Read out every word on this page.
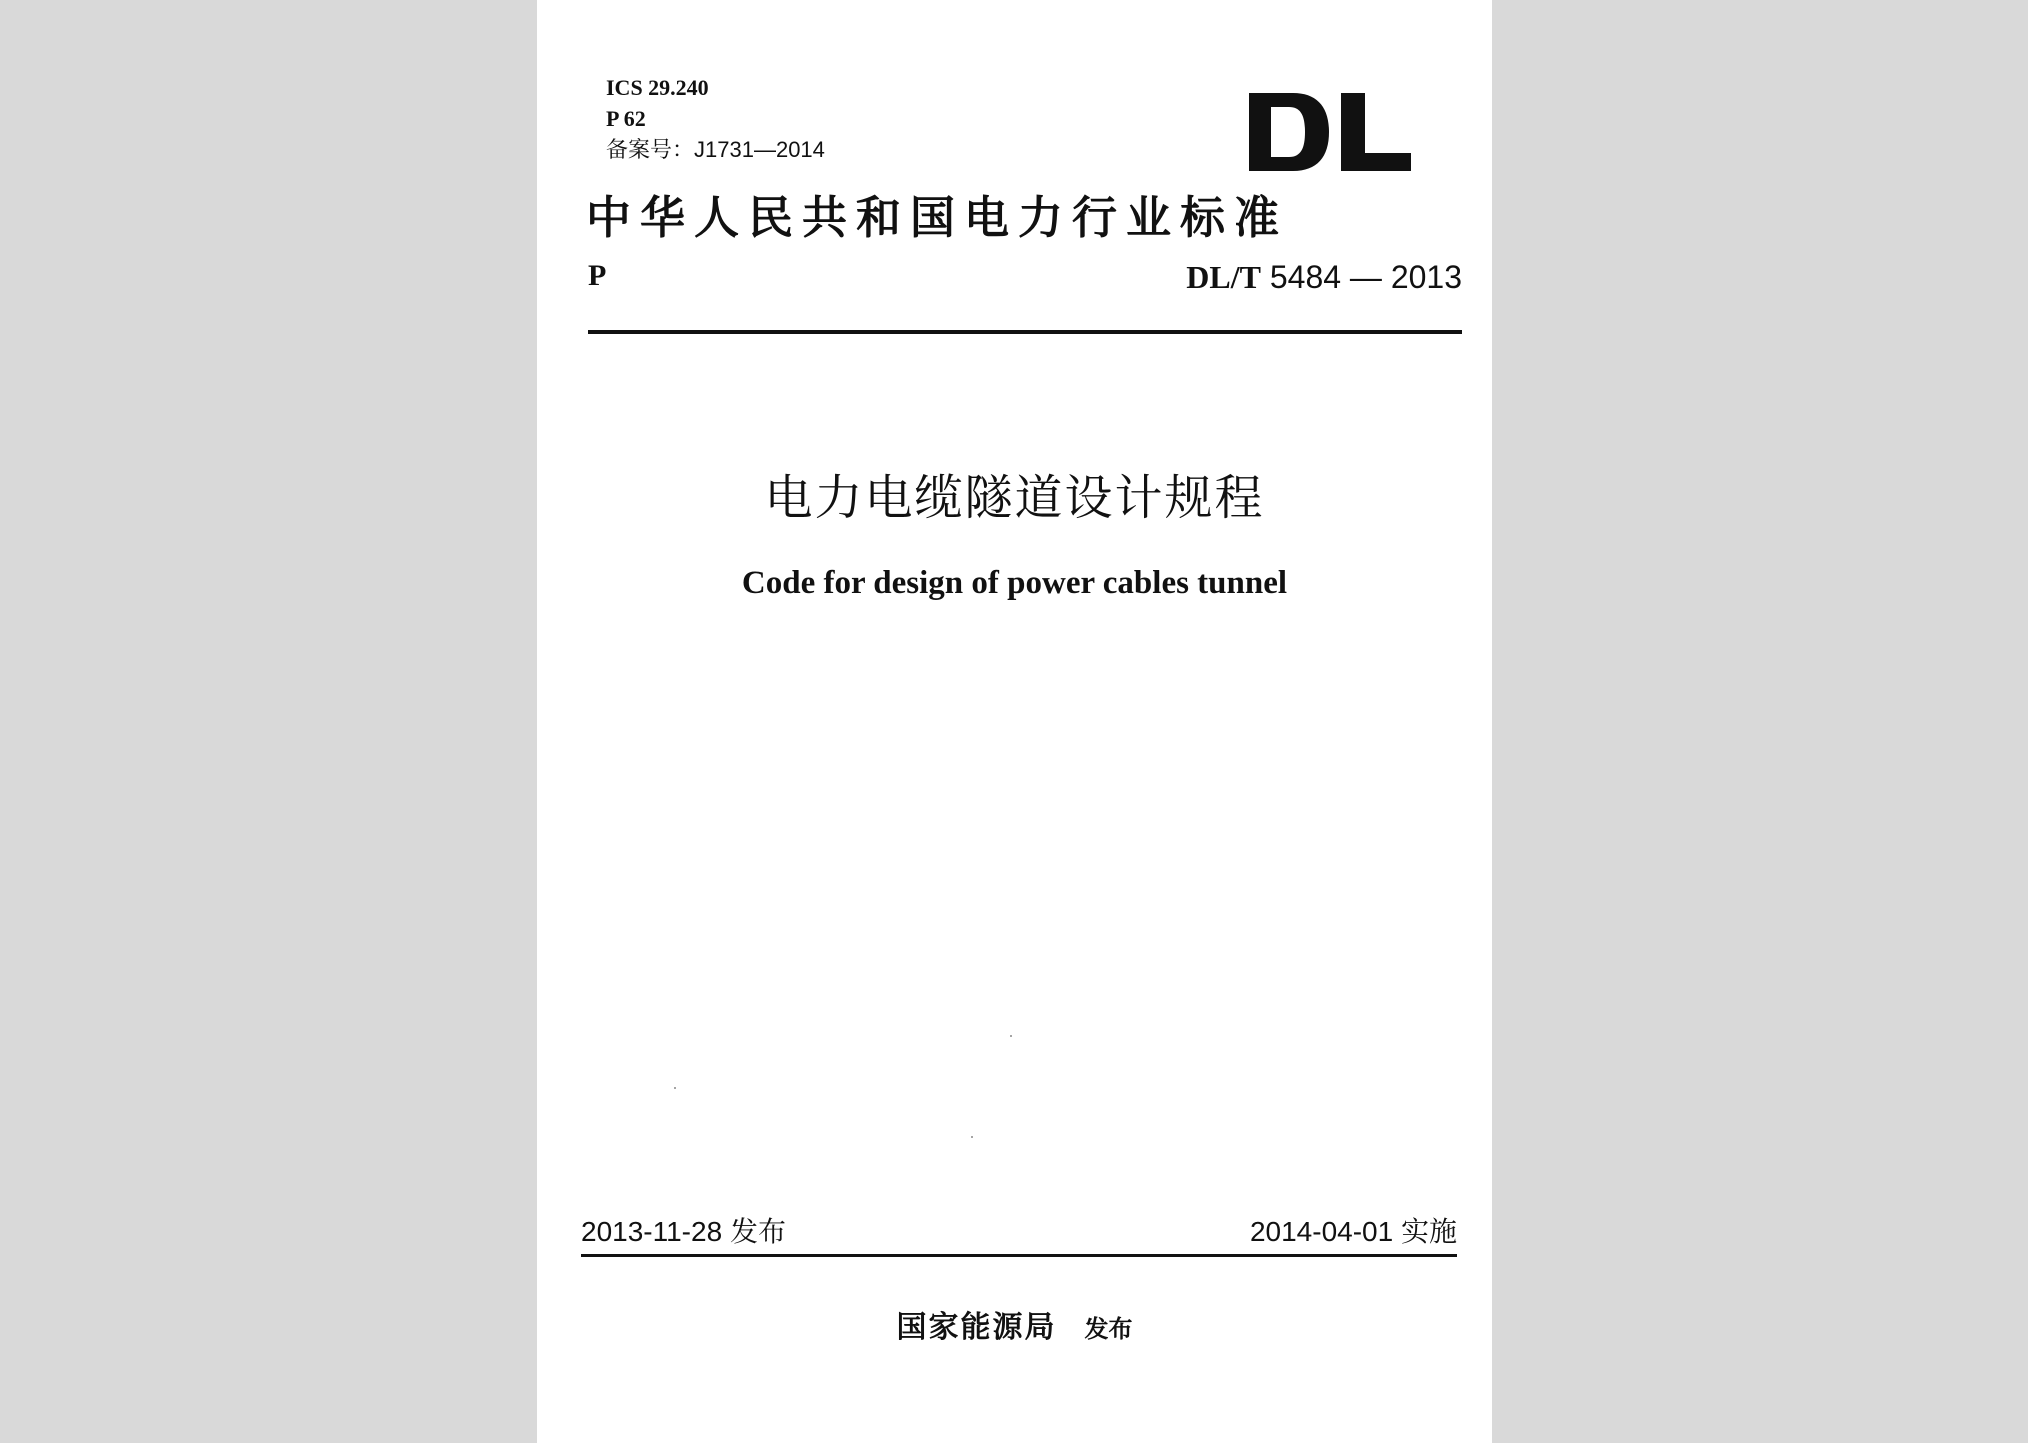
ICS 29.240
P 62
备案号：J1731—2014
中华人民共和国电力行业标准
P	DL/T 5484 — 2013
电力电缆隧道设计规程
Code for design of power cables tunnel
2013-11-28 发布	2014-04-01 实施
国家能源局 发布
